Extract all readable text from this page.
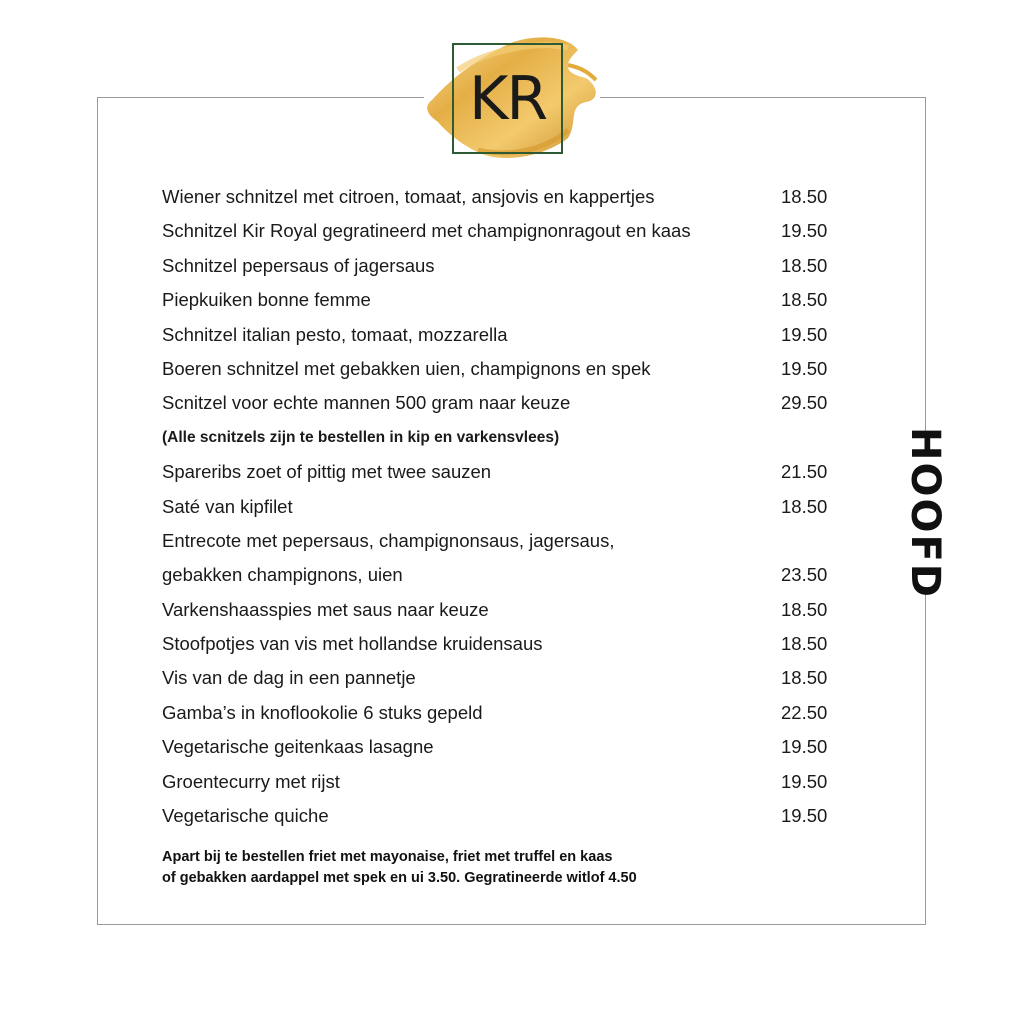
KR
Wiener schnitzel met citroen, tomaat, ansjovis en kappertjes	18.50
Schnitzel Kir Royal gegratineerd met champignonragout en kaas	19.50
Schnitzel pepersaus of jagersaus	18.50
Piepkuiken bonne femme	18.50
Schnitzel italian pesto, tomaat, mozzarella	19.50
Boeren schnitzel met gebakken uien, champignons en spek	19.50
Scnitzel voor echte mannen 500 gram naar keuze	29.50
(Alle scnitzels zijn te bestellen in kip en varkensvlees)
Spareribs zoet of pittig met twee sauzen	21.50
Saté van kipfilet	18.50
Entrecote met pepersaus, champignonsaus, jagersaus,
gebakken champignons, uien	23.50
Varkenshaasspies met saus naar keuze	18.50
Stoofpotjes van vis met hollandse kruidensaus	18.50
Vis van de dag in een pannetje	18.50
Gamba’s in knoflookolie 6 stuks gepeld	22.50
Vegetarische geitenkaas lasagne	19.50
Groentecurry met rijst	19.50
Vegetarische quiche	19.50
Apart bij te bestellen friet met mayonaise, friet met truffel en kaas
of gebakken aardappel met spek en ui 3.50. Gegratineerde witlof 4.50
HOOFD
